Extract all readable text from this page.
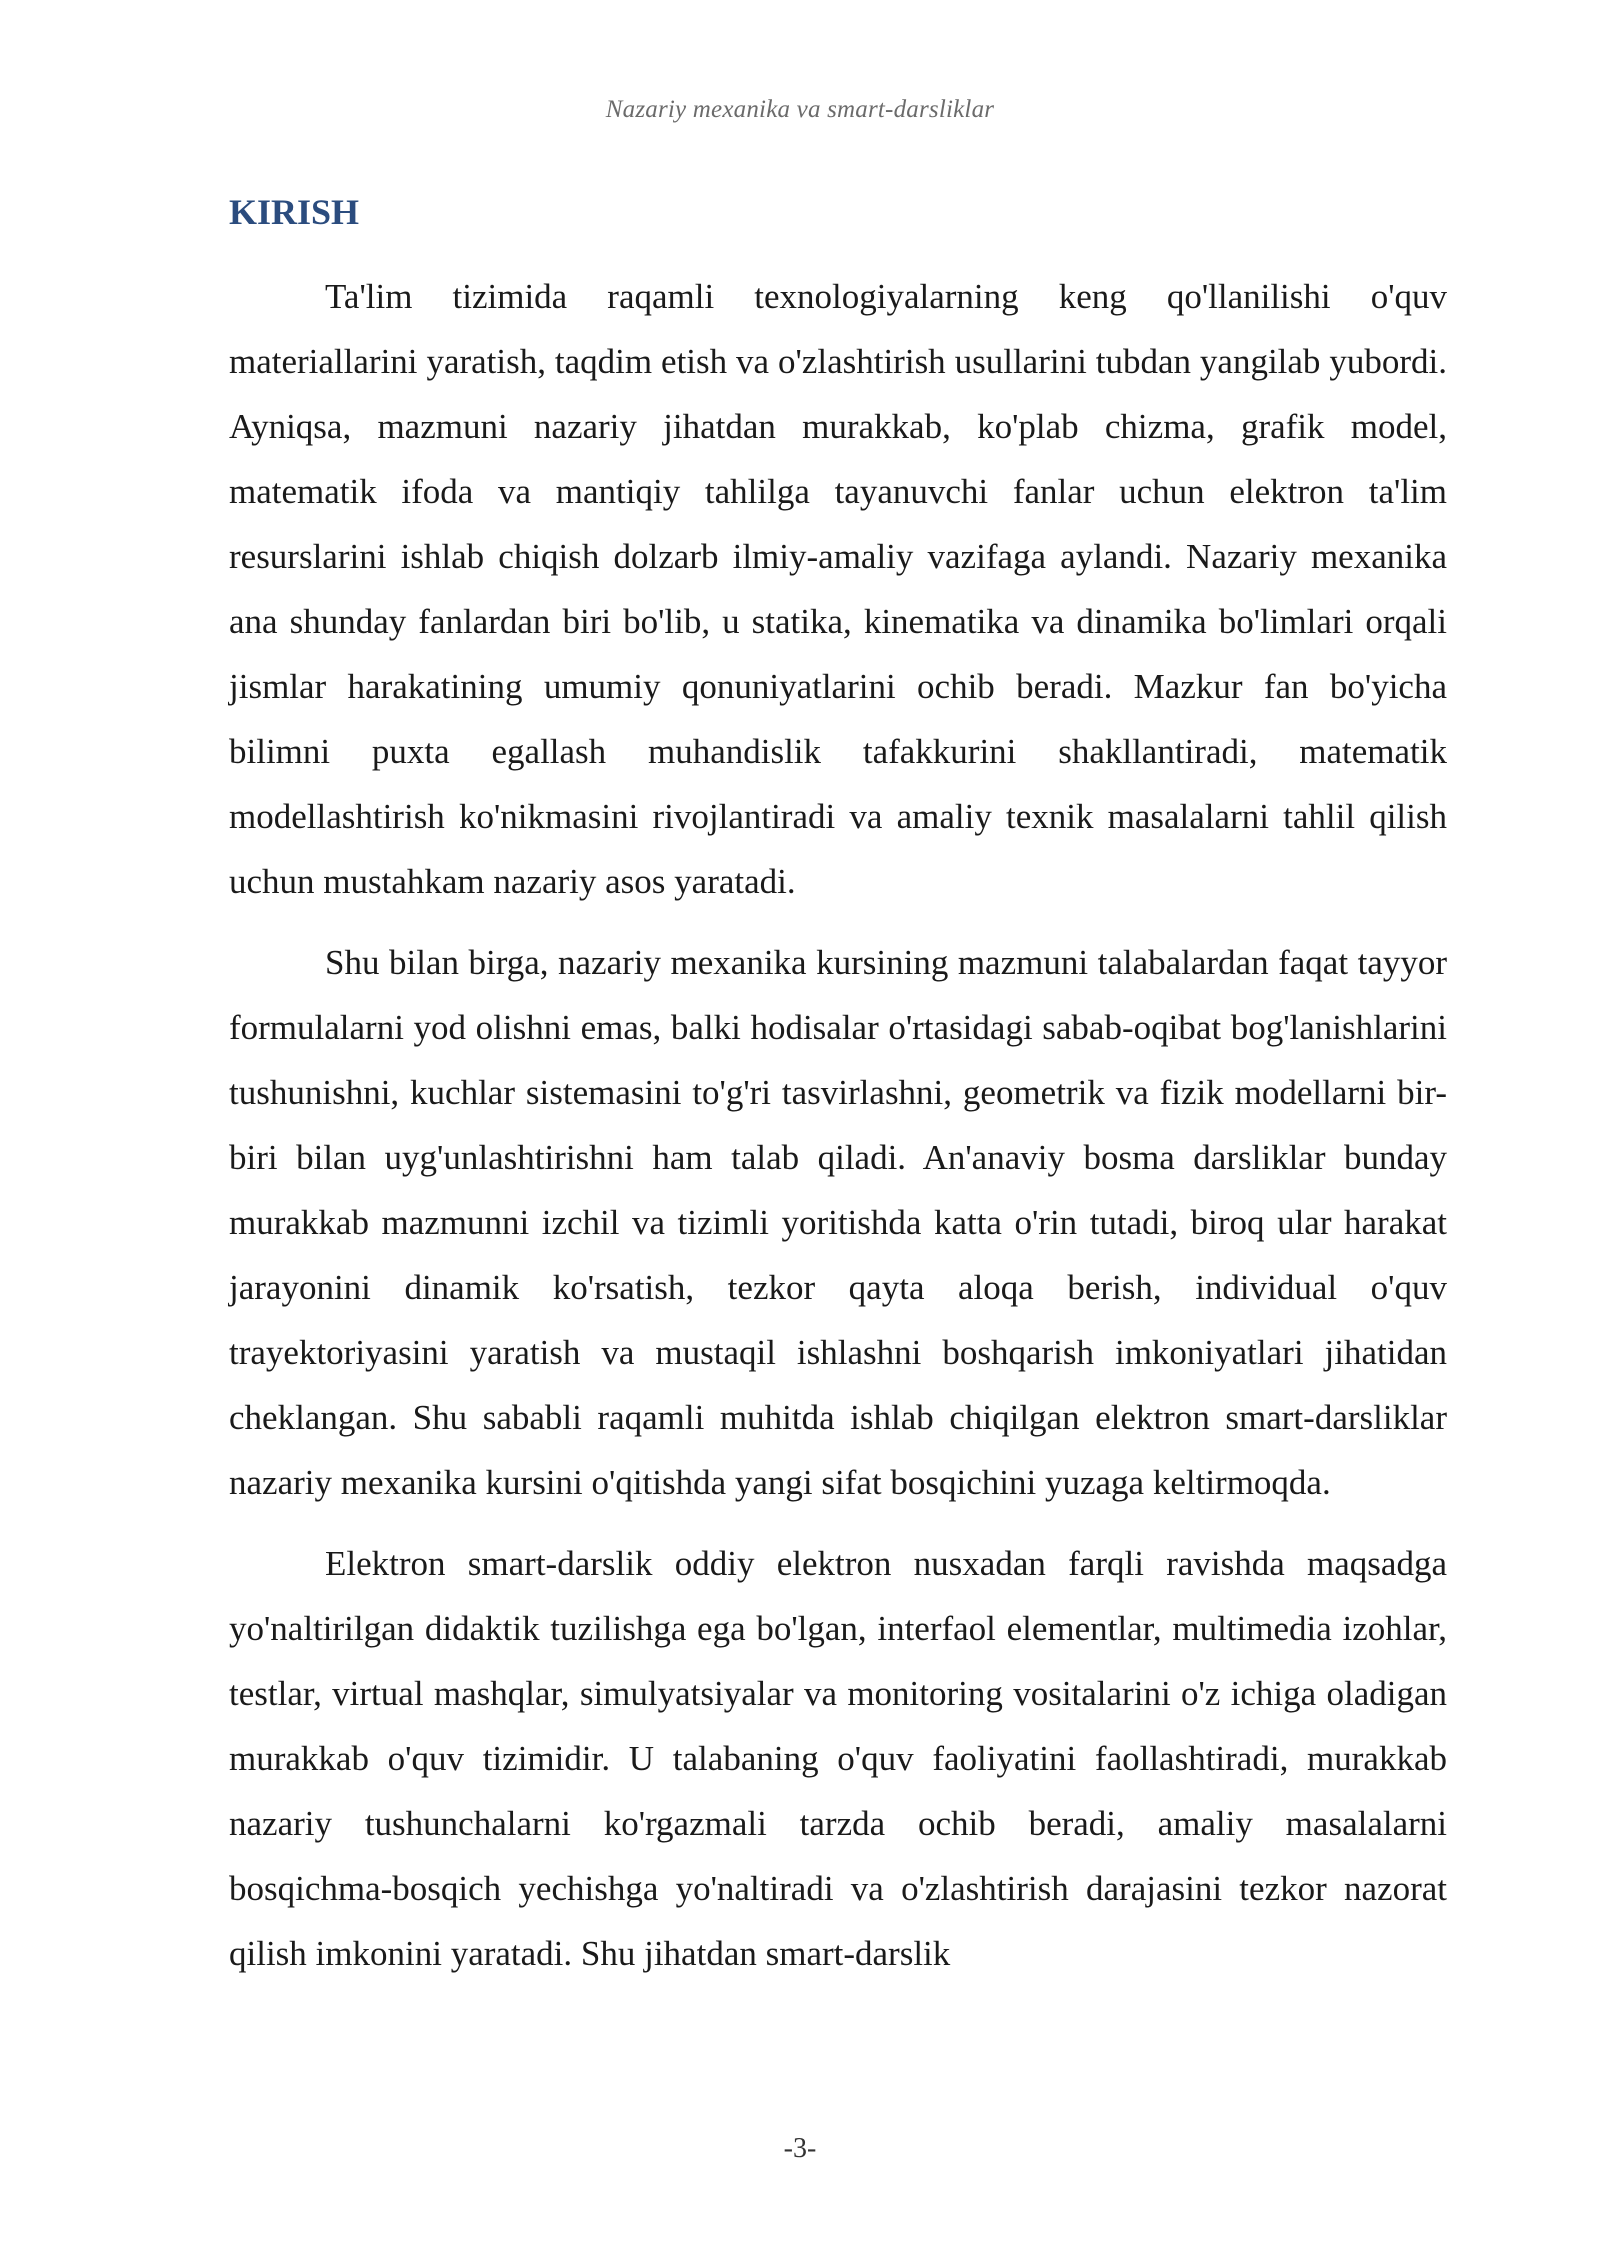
Nazariy mexanika va smart-darsliklar
KIRISH

Ta'lim tizimida raqamli texnologiyalarning keng qo'llanilishi o'quv materiallarini yaratish, taqdim etish va o'zlashtirish usullarini tubdan yangilab yubordi. Ayniqsa, mazmuni nazariy jihatdan murakkab, ko'plab chizma, grafik model, matematik ifoda va mantiqiy tahlilga tayanuvchi fanlar uchun elektron ta'lim resurslarini ishlab chiqish dolzarb ilmiy-amaliy vazifaga aylandi. Nazariy mexanika ana shunday fanlardan biri bo'lib, u statika, kinematika va dinamika bo'limlari orqali jismlar harakatining umumiy qonuniyatlarini ochib beradi. Mazkur fan bo'yicha bilimni puxta egallash muhandislik tafakkurini shakllantiradi, matematik modellashtirish ko'nikmasini rivojlantiradi va amaliy texnik masalalarni tahlil qilish uchun mustahkam nazariy asos yaratadi.

Shu bilan birga, nazariy mexanika kursining mazmuni talabalardan faqat tayyor formulalarni yod olishni emas, balki hodisalar o'rtasidagi sabab-oqibat bog'lanishlarini tushunishni, kuchlar sistemasini to'g'ri tasvirlashni, geometrik va fizik modellarni bir-biri bilan uyg'unlashtirishni ham talab qiladi. An'anaviy bosma darsliklar bunday murakkab mazmunni izchil va tizimli yoritishda katta o'rin tutadi, biroq ular harakat jarayonini dinamik ko'rsatish, tezkor qayta aloqa berish, individual o'quv trayektoriyasini yaratish va mustaqil ishlashni boshqarish imkoniyatlari jihatidan cheklangan. Shu sababli raqamli muhitda ishlab chiqilgan elektron smart-darsliklar nazariy mexanika kursini o'qitishda yangi sifat bosqichini yuzaga keltirmoqda.

Elektron smart-darslik oddiy elektron nusxadan farqli ravishda maqsadga yo'naltirilgan didaktik tuzilishga ega bo'lgan, interfaol elementlar, multimedia izohlar, testlar, virtual mashqlar, simulyatsiyalar va monitoring vositalarini o'z ichiga oladigan murakkab o'quv tizimidir. U talabaning o'quv faoliyatini faollashtiradi, murakkab nazariy tushunchalarni ko'rgazmali tarzda ochib beradi, amaliy masalalarni bosqichma-bosqich yechishga yo'naltiradi va o'zlashtirish darajasini tezkor nazorat qilish imkonini yaratadi. Shu jihatdan smart-darslik

-3-
